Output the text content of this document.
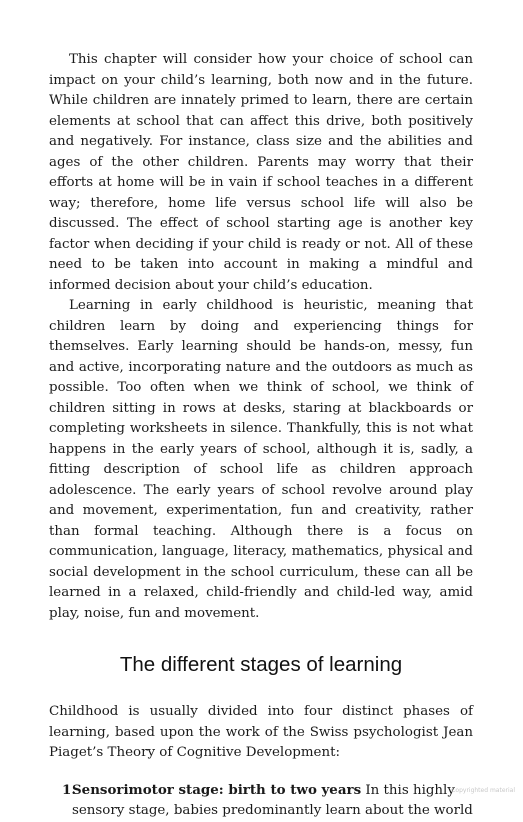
This chapter will consider how your choice of school can impact on your child’s learning, both now and in the future. While children are innately primed to learn, there are certain elements at school that can affect this drive, both positively and negatively. For instance, class size and the abilities and ages of the other children. Parents may worry that their efforts at home will be in vain if school teaches in a different way; therefore, home life versus school life will also be discussed. The effect of school starting age is another key factor when deciding if your child is ready or not. All of these need to be taken into account in making a mindful and informed decision about your child’s education.

Learning in early childhood is heuristic, meaning that children learn by doing and experiencing things for themselves. Early learning should be hands-on, messy, fun and active, incorporating nature and the outdoors as much as possible. Too often when we think of school, we think of children sitting in rows at desks, staring at blackboards or completing worksheets in silence. Thankfully, this is not what happens in the early years of school, although it is, sadly, a fitting description of school life as children approach adolescence. The early years of school revolve around play and movement, experimentation, fun and creativity, rather than formal teaching. Although there is a focus on communication, language, literacy, mathematics, physical and social development in the school curriculum, these can all be learned in a relaxed, child-friendly and child-led way, amid play, noise, fun and movement.

The different stages of learning

Childhood is usually divided into four distinct phases of learning, based upon the work of the Swiss psychologist Jean Piaget’s Theory of Cognitive Development:

1.
Sensorimotor stage: birth to two years In this highly sensory stage, babies predominantly learn about the world
Copyrighted material
